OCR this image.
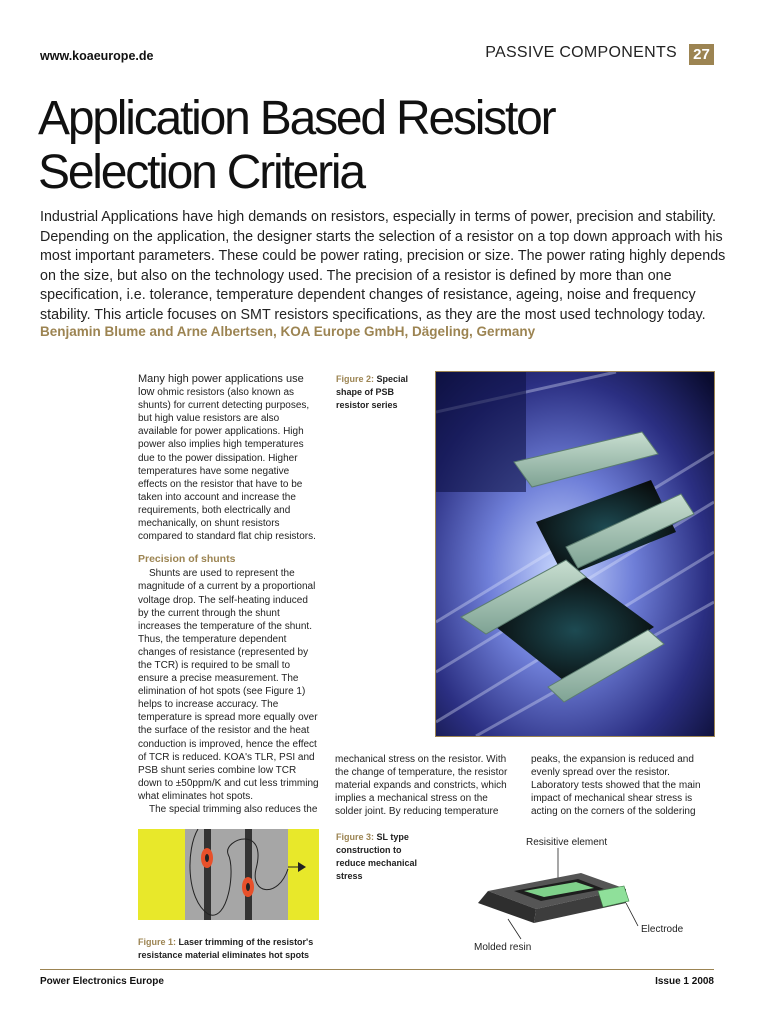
www.koaeurope.de	PASSIVE COMPONENTS 27
Application Based Resistor
Selection Criteria
Industrial Applications have high demands on resistors, especially in terms of power, precision and stability. Depending on the application, the designer starts the selection of a resistor on a top down approach with his most important parameters. These could be power rating, precision or size. The power rating highly depends on the size, but also on the technology used. The precision of a resistor is defined by more than one specification, i.e. tolerance, temperature dependent changes of resistance, ageing, noise and frequency stability. This article focuses on SMT resistors specifications, as they are the most used technology today.
Benjamin Blume and Arne Albertsen, KOA Europe GmbH, Dägeling, Germany

Many high power applications use low ohmic resistors (also known as shunts) for current detecting purposes, but high value resistors are also available for power applications. High power also implies high temperatures due to the power dissipation. Higher temperatures have some negative effects on the resistor that have to be taken into account and increase the requirements, both electrically and mechanically, on shunt resistors compared to standard flat chip resistors.

Precision of shunts

Shunts are used to represent the magnitude of a current by a proportional voltage drop. The self-heating induced by the current through the shunt increases the temperature of the shunt. Thus, the temperature dependent changes of resistance (represented by the TCR) is required to be small to ensure a precise measurement. The elimination of hot spots (see Figure 1) helps to increase accuracy. The temperature is spread more equally over the surface of the resistor and the heat conduction is improved, hence the effect of TCR is reduced. KOA's TLR, PSI and PSB shunt series combine low TCR down to ±50ppm/K and cut less trimming what eliminates hot spots.

The special trimming also reduces the

mechanical stress on the resistor. With the change of temperature, the resistor material expands and constricts, which implies a mechanical stress on the solder joint. By reducing temperature
peaks, the expansion is reduced and evenly spread over the resistor. Laboratory tests showed that the main impact of mechanical shear stress is acting on the corners of the soldering
Figure 2: Special shape of PSB resistor series
Figure 3: SL type construction to reduce mechanical stress
Figure 1: Laser trimming of the resistor's resistance material eliminates hot spots
Resisitive element
Electrode
Molded resin
Power Electronics Europe	Issue 1 2008
